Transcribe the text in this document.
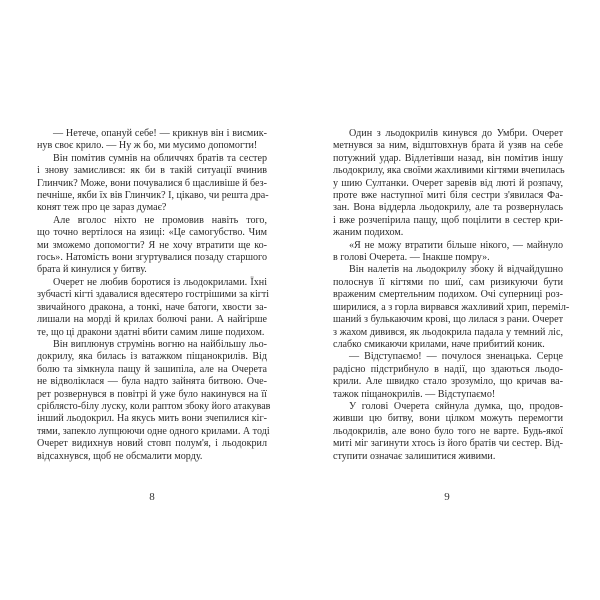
— Нетече, опануй себе! — крикнув він і висмик-
нув своє крило. — Ну ж бо, ми мусимо допомогти!
Він помітив сумнів на обличчях братів та сестер
і знову замислився: як би в такій ситуації вчинив
Глинчик? Може, вони почувалися б щасливіше й без-
печніше, якби їх вів Глинчик? І, цікаво, чи решта дра-
конят теж про це зараз думає?
Але вголос ніхто не промовив навіть того,
що точно вертілося на язиці: «Це самогубство. Чим
ми зможемо допомогти? Я не хочу втратити ще ко-
гось». Натомість вони згуртувалися позаду старшого
брата й кинулися у битву.
Очерет не любив боротися із льодокрилами. Їхні
зубчасті кігті здавалися вдесятеро гострішими за кігті
звичайного дракона, а тонкі, наче батоги, хвости за-
лишали на морді й крилах болючі рани. А найгірше
те, що ці дракони здатні вбити самим лише подихом.
Він виплюнув струмінь вогню на найбільшу льо-
докрилу, яка билась із ватажком піщанокрилів. Від
болю та зімкнула пащу й зашипіла, але на Очерета
не відволіклася — була надто зайнята битвою. Оче-
рет розвернувся в повітрі й уже було накинувся на її
сріблясто-білу луску, коли раптом збоку його атакував
інший льодокрил. На якусь мить вони зчепилися кіг-
тями, запекло лупцюючи одне одного крилами. А тоді
Очерет видихнув новий стовп полум'я, і льодокрил
відсахнувся, щоб не обсмалити морду.
Один з льодокрилів кинувся до Умбри. Очерет
метнувся за ним, відштовхнув брата й узяв на себе
потужний удар. Відлетівши назад, він помітив іншу
льодокрилу, яка своїми жахливими кігтями вчепилась
у шию Султанки. Очерет заревів від люті й розпачу,
проте вже наступної миті біля сестри з'явилася Фа-
зан. Вона віддерла льодокрилу, але та розвернулась
і вже розчепірила пащу, щоб поцілити в сестер кри-
жаним подихом.
«Я не можу втратити більше нікого, — майнуло
в голові Очерета. — Інакше помру».
Він налетів на льодокрилу збоку й відчайдушно
полоснув її кігтями по шиї, сам ризикуючи бути
враженим смертельним подихом. Очі суперниці роз-
ширилися, а з горла вирвався жахливий хрип, переміл-
шаний з булькаючим крові, що лилася з рани. Очерет
з жахом дивився, як льодокрила падала у темний ліс,
слабко смикаючи крилами, наче прибитий коник.
— Відступаємо! — почулося зненацька. Серце
радісно підстрибнуло в надії, що здаються льодо-
крили. Але швидко стало зрозуміло, що кричав ва-
тажок піщанокрилів. — Відступаємо!
У голові Очерета сяйнула думка, що, продов-
живши цю битву, вони цілком можуть перемогти
льодокрилів, але воно було того не варте. Будь-якої
миті міг загинути хтось із його братів чи сестер. Від-
ступити означає залишитися живими.
8	9
